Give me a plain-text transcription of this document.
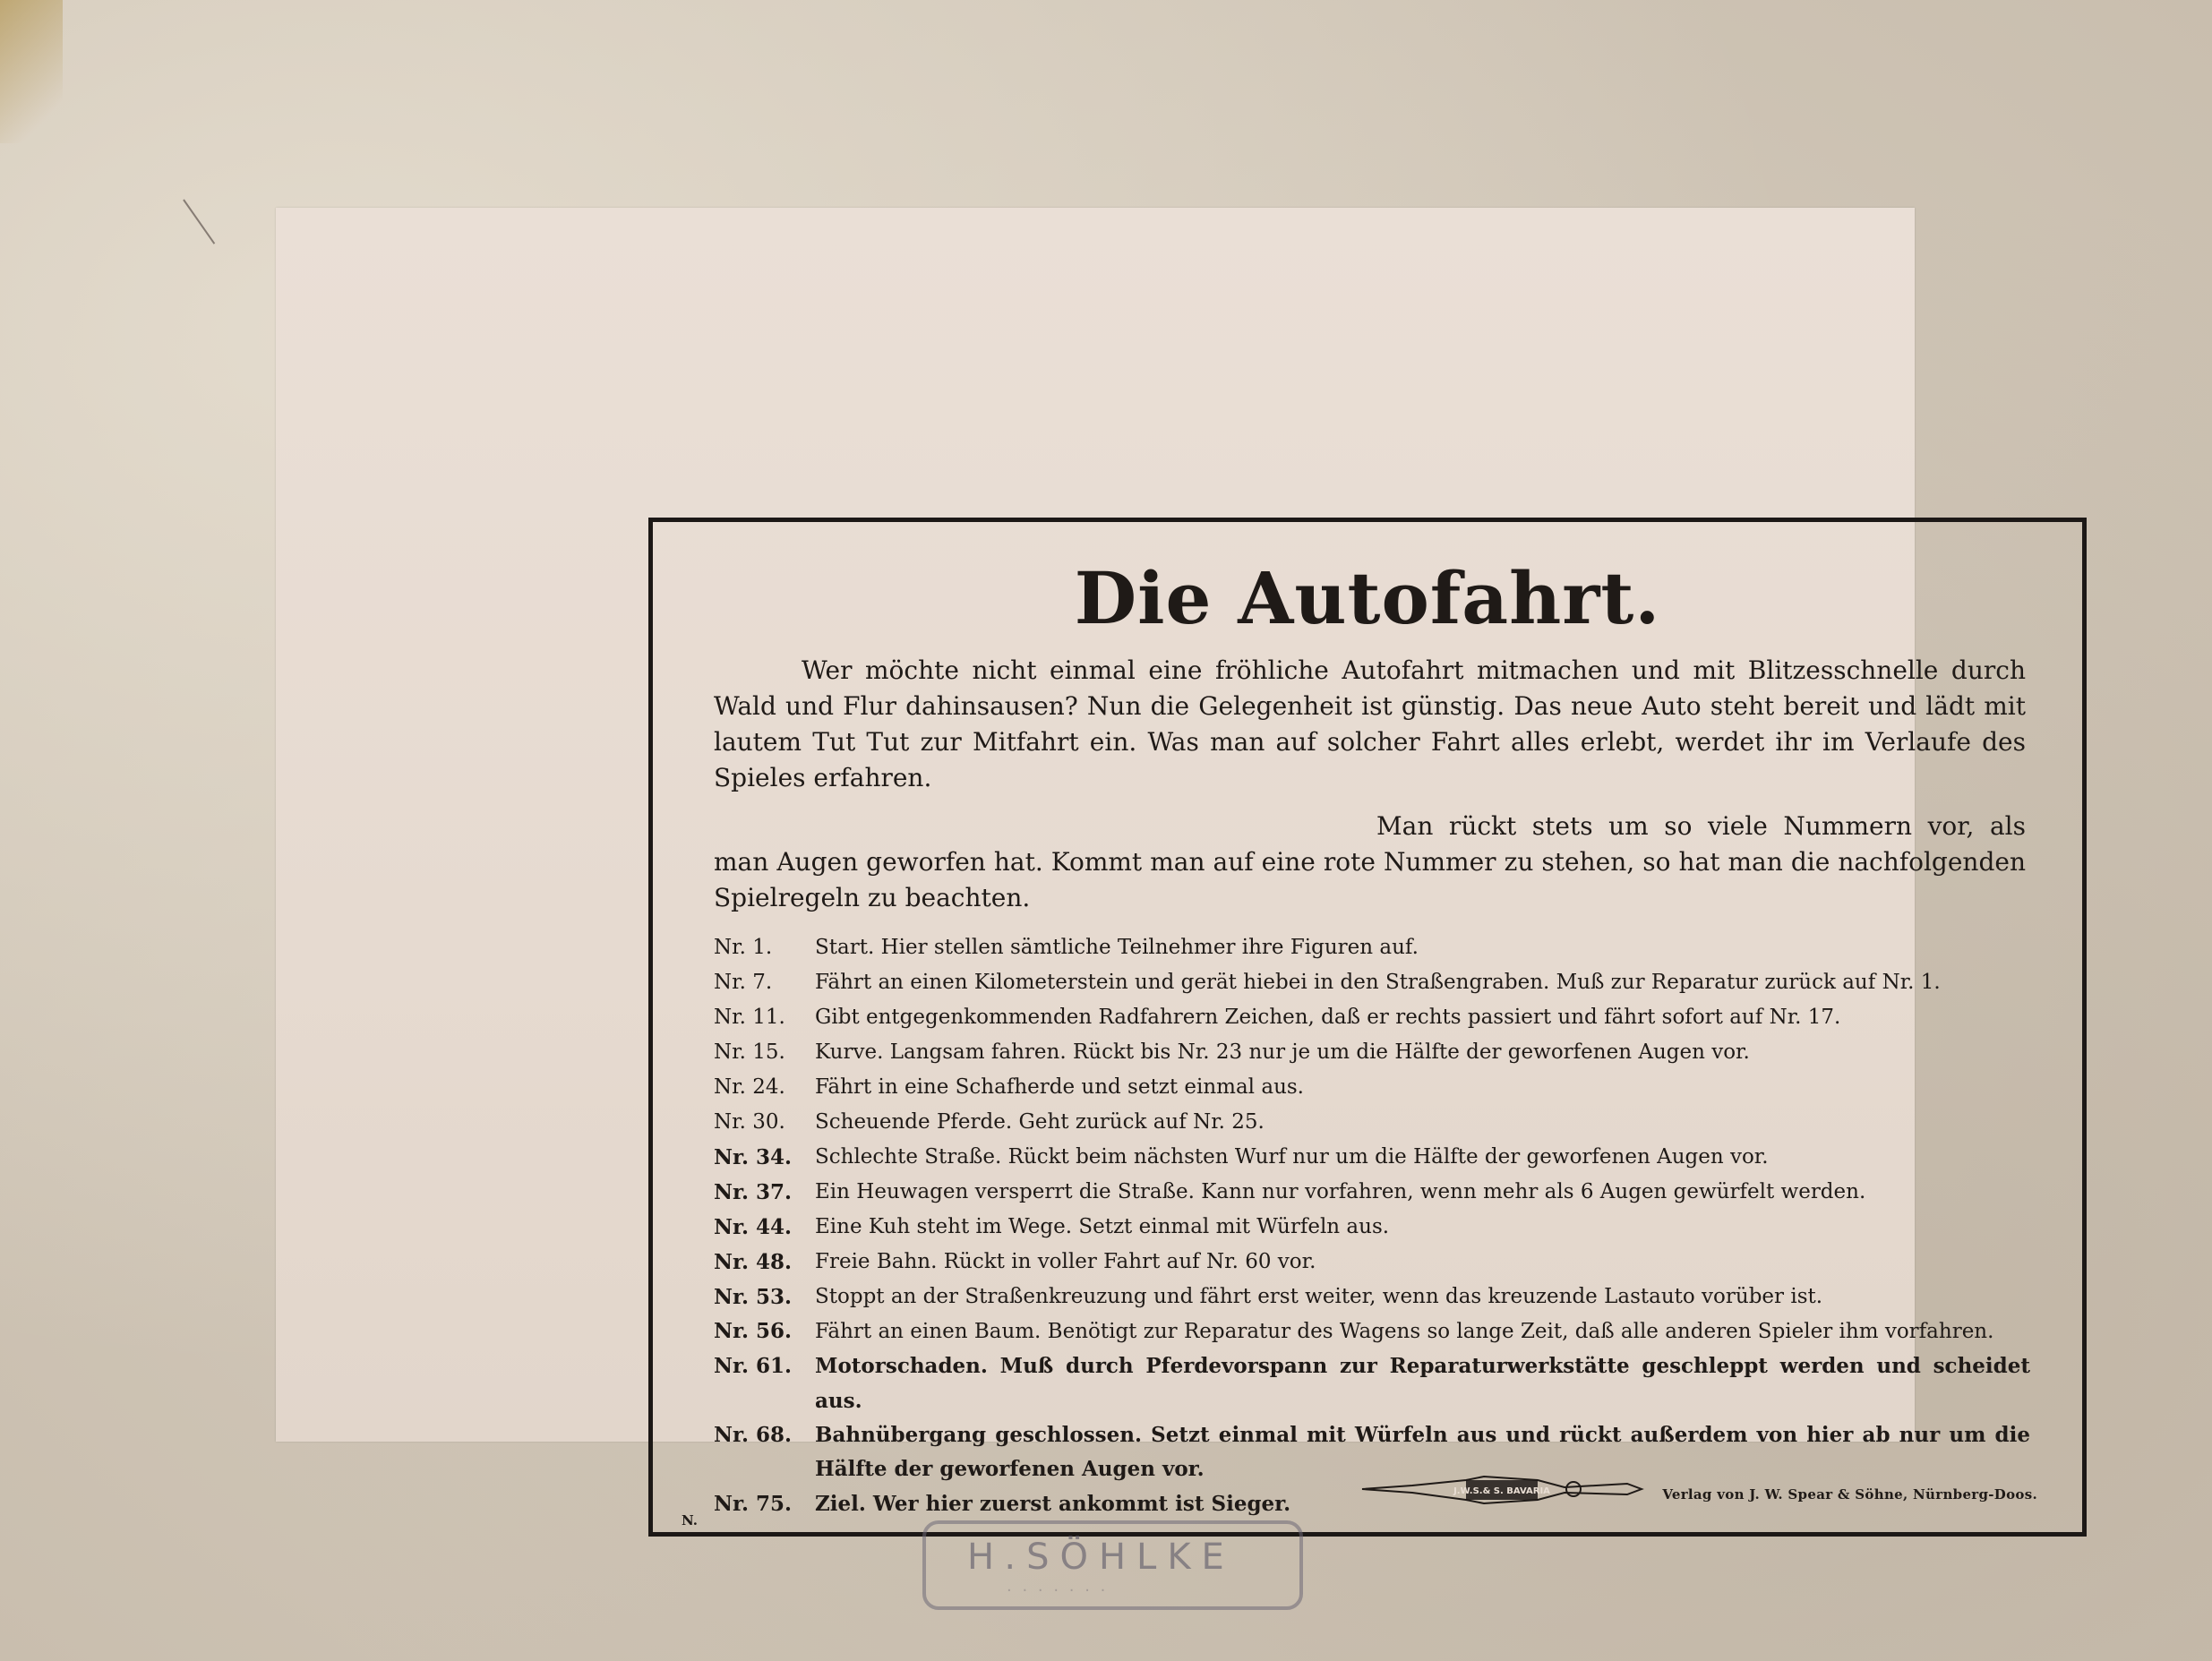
Die Autofahrt.

Wer möchte nicht einmal eine fröhliche Autofahrt mitmachen und mit Blitzesschnelle durch Wald und Flur dahinsausen? Nun die Gelegenheit ist günstig. Das neue Auto steht bereit und lädt mit lautem Tut Tut zur Mitfahrt ein. Was man auf solcher Fahrt alles erlebt, werdet ihr im Verlaufe des Spieles erfahren.

Man rückt stets um so viele Nummern vor, als man Augen geworfen hat. Kommt man auf eine rote Nummer zu stehen, so hat man die nachfolgenden Spielregeln zu beachten.

Nr. 1.	Start. Hier stellen sämtliche Teilnehmer ihre Figuren auf.
Nr. 7.	Fährt an einen Kilometerstein und gerät hiebei in den Straßengraben. Muß zur Reparatur zurück auf Nr. 1.
Nr. 11.	Gibt entgegenkommenden Radfahrern Zeichen, daß er rechts passiert und fährt sofort auf Nr. 17.
Nr. 15.	Kurve. Langsam fahren. Rückt bis Nr. 23 nur je um die Hälfte der geworfenen Augen vor.
Nr. 24.	Fährt in eine Schafherde und setzt einmal aus.
Nr. 30.	Scheuende Pferde. Geht zurück auf Nr. 25.
Nr. 34.	Schlechte Straße. Rückt beim nächsten Wurf nur um die Hälfte der geworfenen Augen vor.
Nr. 37.	Ein Heuwagen versperrt die Straße. Kann nur vorfahren, wenn mehr als 6 Augen gewürfelt werden.
Nr. 44.	Eine Kuh steht im Wege. Setzt einmal mit Würfeln aus.
Nr. 48.	Freie Bahn. Rückt in voller Fahrt auf Nr. 60 vor.
Nr. 53.	Stoppt an der Straßenkreuzung und fährt erst weiter, wenn das kreuzende Lastauto vorüber ist.
Nr. 56.	Fährt an einen Baum. Benötigt zur Reparatur des Wagens so lange Zeit, daß alle anderen Spieler ihm vorfahren.
Nr. 61.	Motorschaden. Muß durch Pferdevorspann zur Reparaturwerkstätte geschleppt werden und scheidet aus.
Nr. 68.	Bahnübergang geschlossen. Setzt einmal mit Würfeln aus und rückt außerdem von hier ab nur um die Hälfte der geworfenen Augen vor.
Nr. 75.	Ziel. Wer hier zuerst ankommt ist Sieger.
J.W.S.& S. BAVARIA	Verlag von J. W. Spear & Söhne, Nürnberg-Doos.
N.
H.SÖHLKE
· · · · · · ·
